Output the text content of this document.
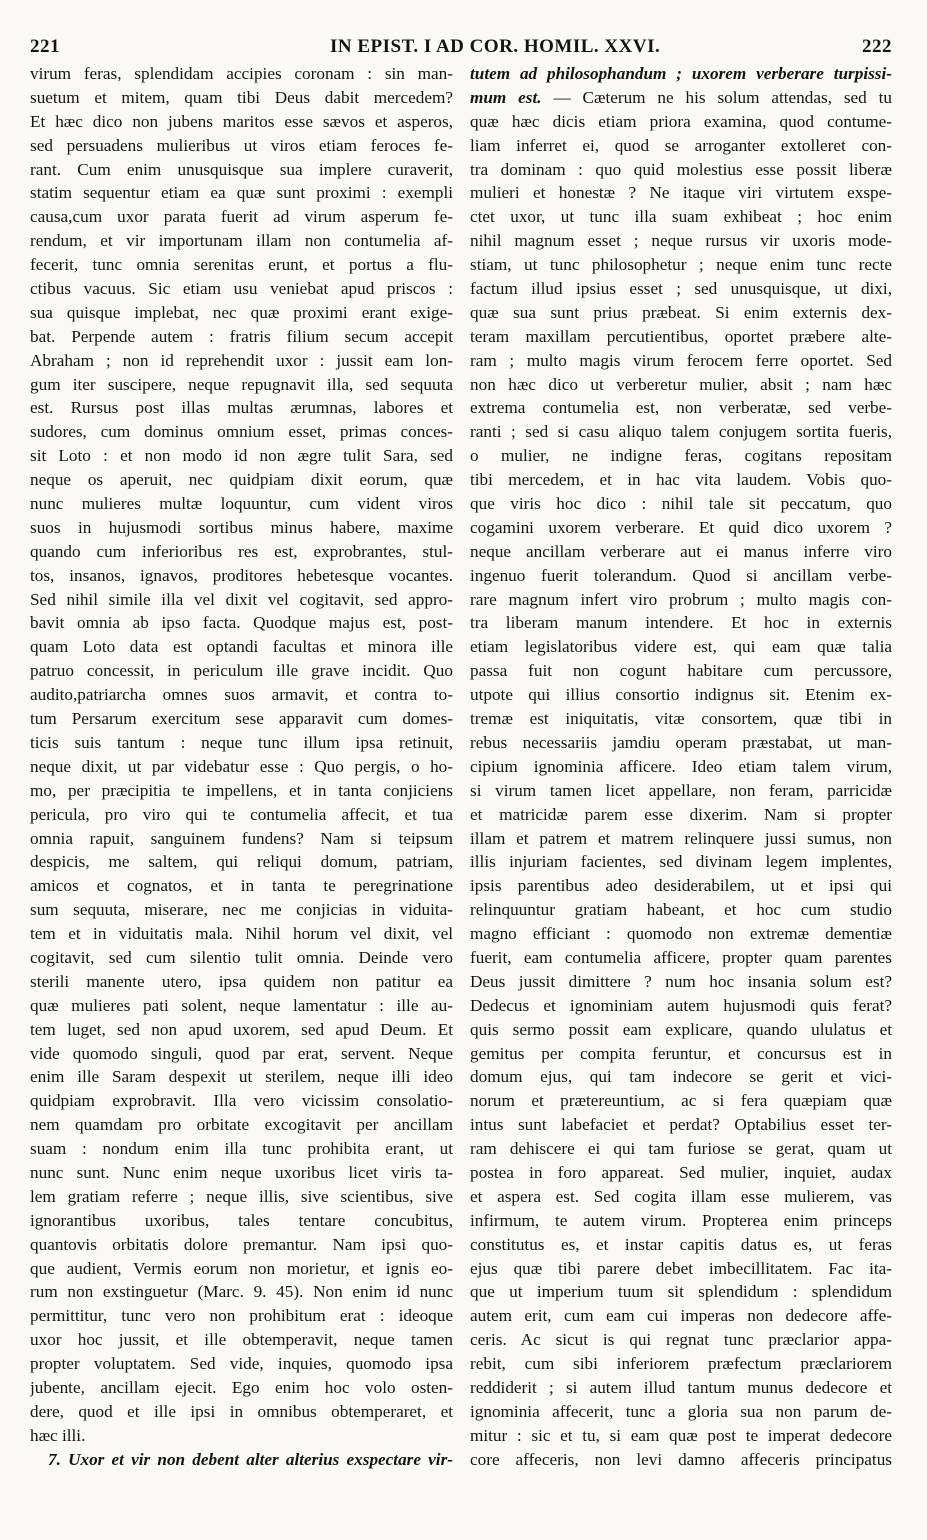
221	IN EPIST. I AD COR. HOMIL. XXVI.	222
virum feras, splendidam accipies coronam : sin man-
suetum et mitem, quam tibi Deus dabit mercedem?
Et hæc dico non jubens maritos esse sævos et asperos,
sed persuadens mulieribus ut viros etiam feroces fe-
rant. Cum enim unusquisque sua implere curaverit,
statim sequentur etiam ea quæ sunt proximi : exempli
causa,cum uxor parata fuerit ad virum asperum fe-
rendum, et vir importunam illam non contumelia af-
fecerit, tunc omnia serenitas erunt, et portus a flu-
ctibus vacuus. Sic etiam usu veniebat apud priscos :
sua quisque implebat, nec quæ proximi erant exige-
bat. Perpende autem : fratris filium secum accepit
Abraham ; non id reprehendit uxor : jussit eam lon-
gum iter suscipere, neque repugnavit illa, sed sequuta
est. Rursus post illas multas ærumnas, labores et
sudores, cum dominus omnium esset, primas conces-
sit Loto : et non modo id non ægre tulit Sara, sed
neque os aperuit, nec quidpiam dixit eorum, quæ
nunc mulieres multæ loquuntur, cum vident viros
suos in hujusmodi sortibus minus habere, maxime
quando cum inferioribus res est, exprobrantes, stul-
tos, insanos, ignavos, proditores hebetesque vocantes.
Sed nihil simile illa vel dixit vel cogitavit, sed appro-
bavit omnia ab ipso facta. Quodque majus est, post-
quam Loto data est optandi facultas et minora ille
patruo concessit, in periculum ille grave incidit. Quo
audito,patriarcha omnes suos armavit, et contra to-
tum Persarum exercitum sese apparavit cum domes-
ticis suis tantum : neque tunc illum ipsa retinuit,
neque dixit, ut par videbatur esse : Quo pergis, o ho-
mo, per præcipitia te impellens, et in tanta conjiciens
pericula, pro viro qui te contumelia affecit, et tua
omnia rapuit, sanguinem fundens? Nam si teipsum
despicis, me saltem, qui reliqui domum, patriam,
amicos et cognatos, et in tanta te peregrinatione
sum sequuta, miserare, nec me conjicias in viduita-
tem et in viduitatis mala. Nihil horum vel dixit, vel
cogitavit, sed cum silentio tulit omnia. Deinde vero
sterili manente utero, ipsa quidem non patitur ea
quæ mulieres pati solent, neque lamentatur : ille au-
tem luget, sed non apud uxorem, sed apud Deum. Et
vide quomodo singuli, quod par erat, servent. Neque
enim ille Saram despexit ut sterilem, neque illi ideo
quidpiam exprobravit. Illa vero vicissim consolatio-
nem quamdam pro orbitate excogitavit per ancillam
suam : nondum enim illa tunc prohibita erant, ut
nunc sunt. Nunc enim neque uxoribus licet viris ta-
lem gratiam referre ; neque illis, sive scientibus, sive
ignorantibus uxoribus, tales tentare concubitus,
quantovis orbitatis dolore premantur. Nam ipsi quo-
que audient, Vermis eorum non morietur, et ignis eo-
rum non exstinguetur (Marc. 9. 45). Non enim id nunc
permittitur, tunc vero non prohibitum erat : ideoque
uxor hoc jussit, et ille obtemperavit, neque tamen
propter voluptatem. Sed vide, inquies, quomodo ipsa
jubente, ancillam ejecit. Ego enim hoc volo osten-
dere, quod et ille ipsi in omnibus obtemperaret, et
hæc illi.
7. Uxor et vir non debent alter alterius exspectare vir-
tutem ad philosophandum ; uxorem verberare turpissi-
mum est. — Cæterum ne his solum attendas, sed tu
quæ hæc dicis etiam priora examina, quod contume-
liam inferret ei, quod se arroganter extolleret con-
tra dominam : quo quid molestius esse possit liberæ
mulieri et honestæ ? Ne itaque viri virtutem exspe-
ctet uxor, ut tunc illa suam exhibeat ; hoc enim
nihil magnum esset ; neque rursus vir uxoris mode-
stiam, ut tunc philosophetur ; neque enim tunc recte
factum illud ipsius esset ; sed unusquisque, ut dixi,
quæ sua sunt prius præbeat. Si enim externis dex-
teram maxillam percutientibus, oportet præbere alte-
ram ; multo magis virum ferocem ferre oportet. Sed
non hæc dico ut verberetur mulier, absit ; nam hæc
extrema contumelia est, non verberatæ, sed verbe-
ranti ; sed si casu aliquo talem conjugem sortita fueris,
o mulier, ne indigne feras, cogitans repositam
tibi mercedem, et in hac vita laudem. Vobis quo-
que viris hoc dico : nihil tale sit peccatum, quo
cogamini uxorem verberare. Et quid dico uxorem ?
neque ancillam verberare aut ei manus inferre viro
ingenuo fuerit tolerandum. Quod si ancillam verbe-
rare magnum infert viro probrum ; multo magis con-
tra liberam manum intendere. Et hoc in externis
etiam legislatoribus videre est, qui eam quæ talia
passa fuit non cogunt habitare cum percussore,
utpote qui illius consortio indignus sit. Etenim ex-
tremæ est iniquitatis, vitæ consortem, quæ tibi in
rebus necessariis jamdiu operam præstabat, ut man-
cipium ignominia afficere. Ideo etiam talem virum,
si virum tamen licet appellare, non feram, parricidæ
et matricidæ parem esse dixerim. Nam si propter
illam et patrem et matrem relinquere jussi sumus, non
illis injuriam facientes, sed divinam legem implentes,
ipsis parentibus adeo desiderabilem, ut et ipsi qui
relinquuntur gratiam habeant, et hoc cum studio
magno efficiant : quomodo non extremæ dementiæ
fuerit, eam contumelia afficere, propter quam parentes
Deus jussit dimittere ? num hoc insania solum est?
Dedecus et ignominiam autem hujusmodi quis ferat?
quis sermo possit eam explicare, quando ululatus et
gemitus per compita feruntur, et concursus est in
domum ejus, qui tam indecore se gerit et vici-
norum et prætereuntium, ac si fera quæpiam quæ
intus sunt labefaciet et perdat? Optabilius esset ter-
ram dehiscere ei qui tam furiose se gerat, quam ut
postea in foro appareat. Sed mulier, inquiet, audax
et aspera est. Sed cogita illam esse mulierem, vas
infirmum, te autem virum. Propterea enim princeps
constitutus es, et instar capitis datus es, ut feras
ejus quæ tibi parere debet imbecillitatem. Fac ita-
que ut imperium tuum sit splendidum : splendidum
autem erit, cum eam cui imperas non dedecore affe-
ceris. Ac sicut is qui regnat tunc præclarior appa-
rebit, cum sibi inferiorem præfectum præclariorem
reddiderit ; si autem illud tantum munus dedecore et
ignominia affecerit, tunc a gloria sua non parum de-
mitur : sic et tu, si eam quæ post te imperat dedecore
core affeceris, non levi damno affeceris principatus
